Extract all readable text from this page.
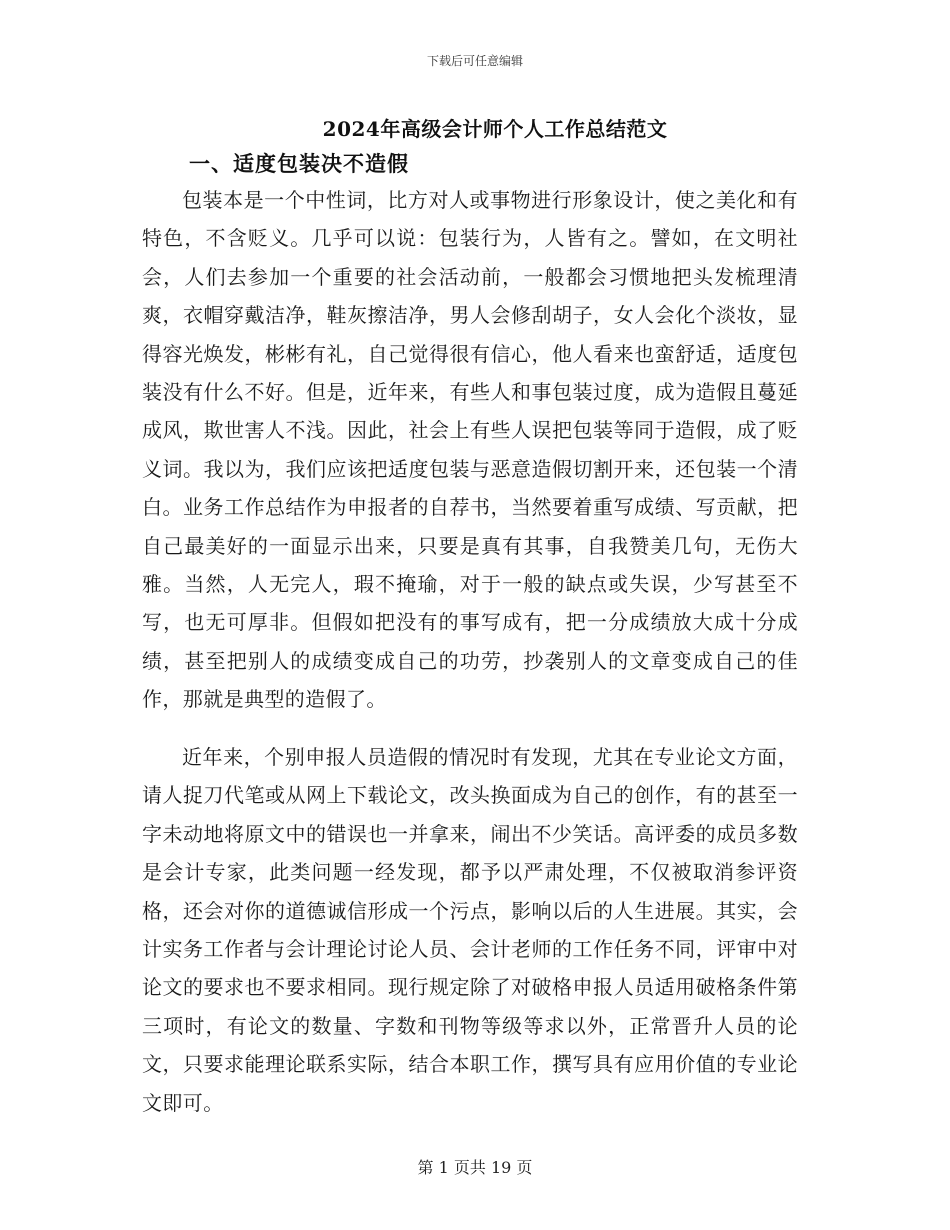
下载后可任意编辑
2024年高级会计师个人工作总结范文
一、适度包装决不造假

包装本是一个中性词，比方对人或事物进行形象设计，使之美化和有特色，不含贬义。几乎可以说：包装行为，人皆有之。譬如，在文明社会，人们去参加一个重要的社会活动前，一般都会习惯地把头发梳理清爽，衣帽穿戴洁净，鞋灰擦洁净，男人会修刮胡子，女人会化个淡妆，显得容光焕发，彬彬有礼，自己觉得很有信心，他人看来也蛮舒适，适度包装没有什么不好。但是，近年来，有些人和事包装过度，成为造假且蔓延成风，欺世害人不浅。因此，社会上有些人误把包装等同于造假，成了贬义词。我以为，我们应该把适度包装与恶意造假切割开来，还包装一个清白。业务工作总结作为申报者的自荐书，当然要着重写成绩、写贡献，把自己最美好的一面显示出来，只要是真有其事，自我赞美几句，无伤大雅。当然，人无完人，瑕不掩瑜，对于一般的缺点或失误，少写甚至不写，也无可厚非。但假如把没有的事写成有，把一分成绩放大成十分成绩，甚至把别人的成绩变成自己的功劳，抄袭别人的文章变成自己的佳作，那就是典型的造假了。

近年来，个别申报人员造假的情况时有发现，尤其在专业论文方面，请人捉刀代笔或从网上下载论文，改头换面成为自己的创作，有的甚至一字未动地将原文中的错误也一并拿来，闹出不少笑话。高评委的成员多数是会计专家，此类问题一经发现，都予以严肃处理，不仅被取消参评资格，还会对你的道德诚信形成一个污点，影响以后的人生进展。其实，会计实务工作者与会计理论讨论人员、会计老师的工作任务不同，评审中对论文的要求也不要求相同。现行规定除了对破格申报人员适用破格条件第三项时，有论文的数量、字数和刊物等级等求以外，正常晋升人员的论文，只要求能理论联系实际，结合本职工作，撰写具有应用价值的专业论文即可。

第 1 页共 19 页
